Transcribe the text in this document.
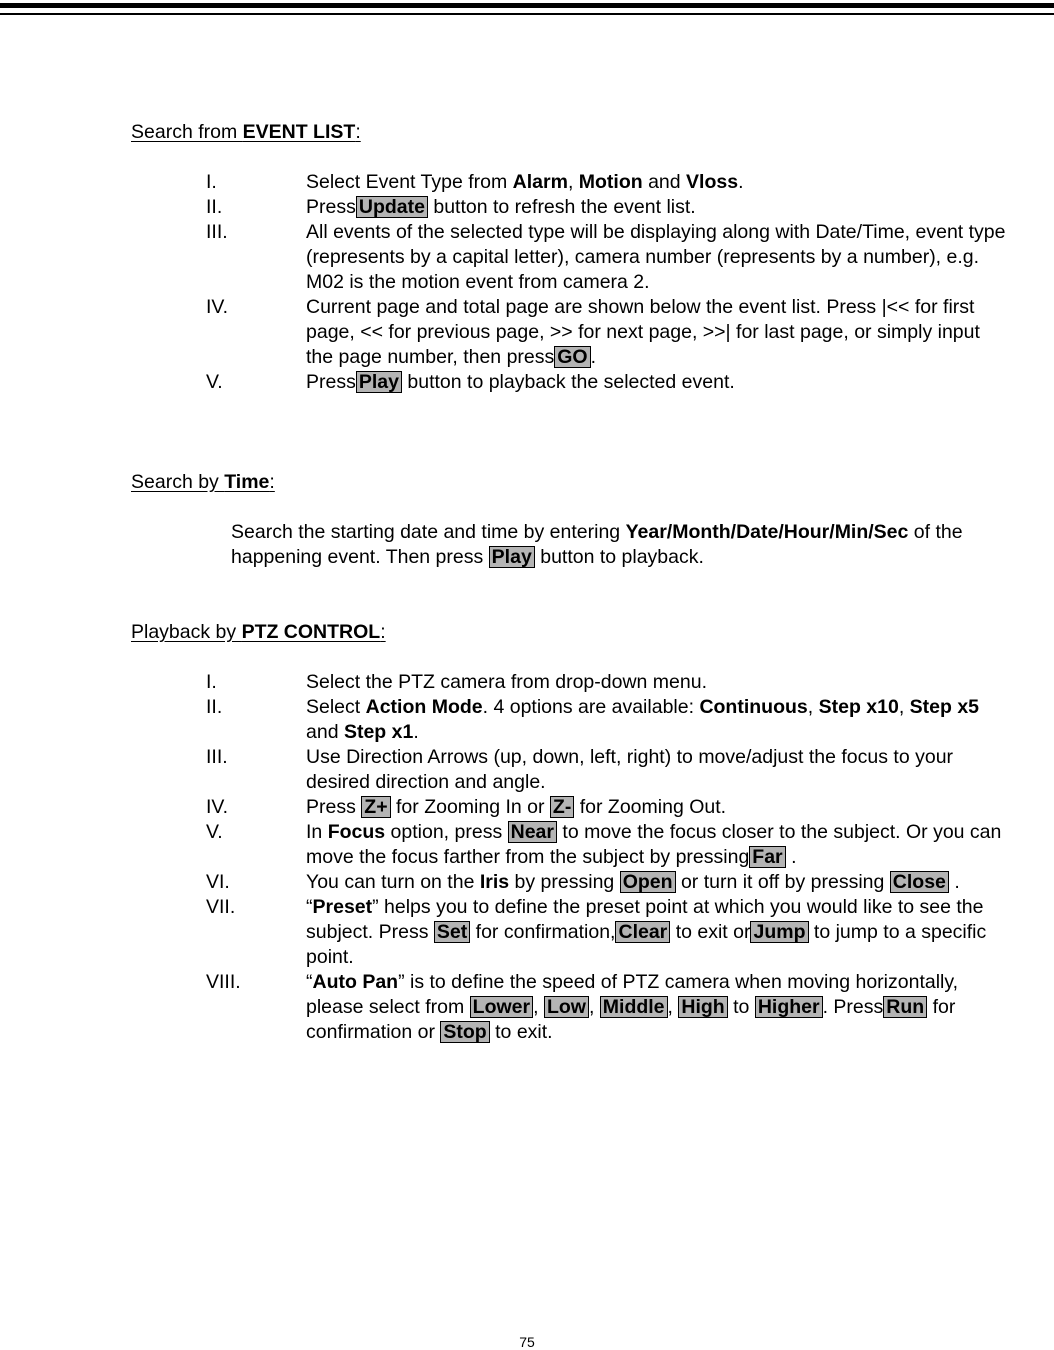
Search from EVENT LIST:
I.	Select Event Type from Alarm, Motion and Vloss.
II.	Press Update button to refresh the event list.
III.	All events of the selected type will be displaying along with Date/Time, event type (represents by a capital letter), camera number (represents by a number), e.g. M02 is the motion event from camera 2.
IV.	Current page and total page are shown below the event list. Press |<< for first page, << for previous page, >> for next page, >>| for last page, or simply input the page number, then press GO .
V.	Press Play button to playback the selected event.
Search by Time:
Search the starting date and time by entering Year/Month/Date/Hour/Min/Sec of the happening event. Then press Play button to playback.
Playback by PTZ CONTROL:
I.	Select the PTZ camera from drop-down menu.
II.	Select Action Mode. 4 options are available: Continuous, Step x10, Step x5 and Step x1.
III.	Use Direction Arrows (up, down, left, right) to move/adjust the focus to your desired direction and angle.
IV.	Press Z+ for Zooming In or Z- for Zooming Out.
V.	In Focus option, press Near to move the focus closer to the subject. Or you can move the focus farther from the subject by pressing Far .
VI.	You can turn on the Iris by pressing Open or turn it off by pressing Close .
VII.	“Preset” helps you to define the preset point at which you would like to see the subject. Press Set for confirmation, Clear to exit or Jump to jump to a specific point.
VIII.	“Auto Pan” is to define the speed of PTZ camera when moving horizontally, please select from Lower , Low , Middle , High to Higher . Press Run for confirmation or Stop to exit.
75
